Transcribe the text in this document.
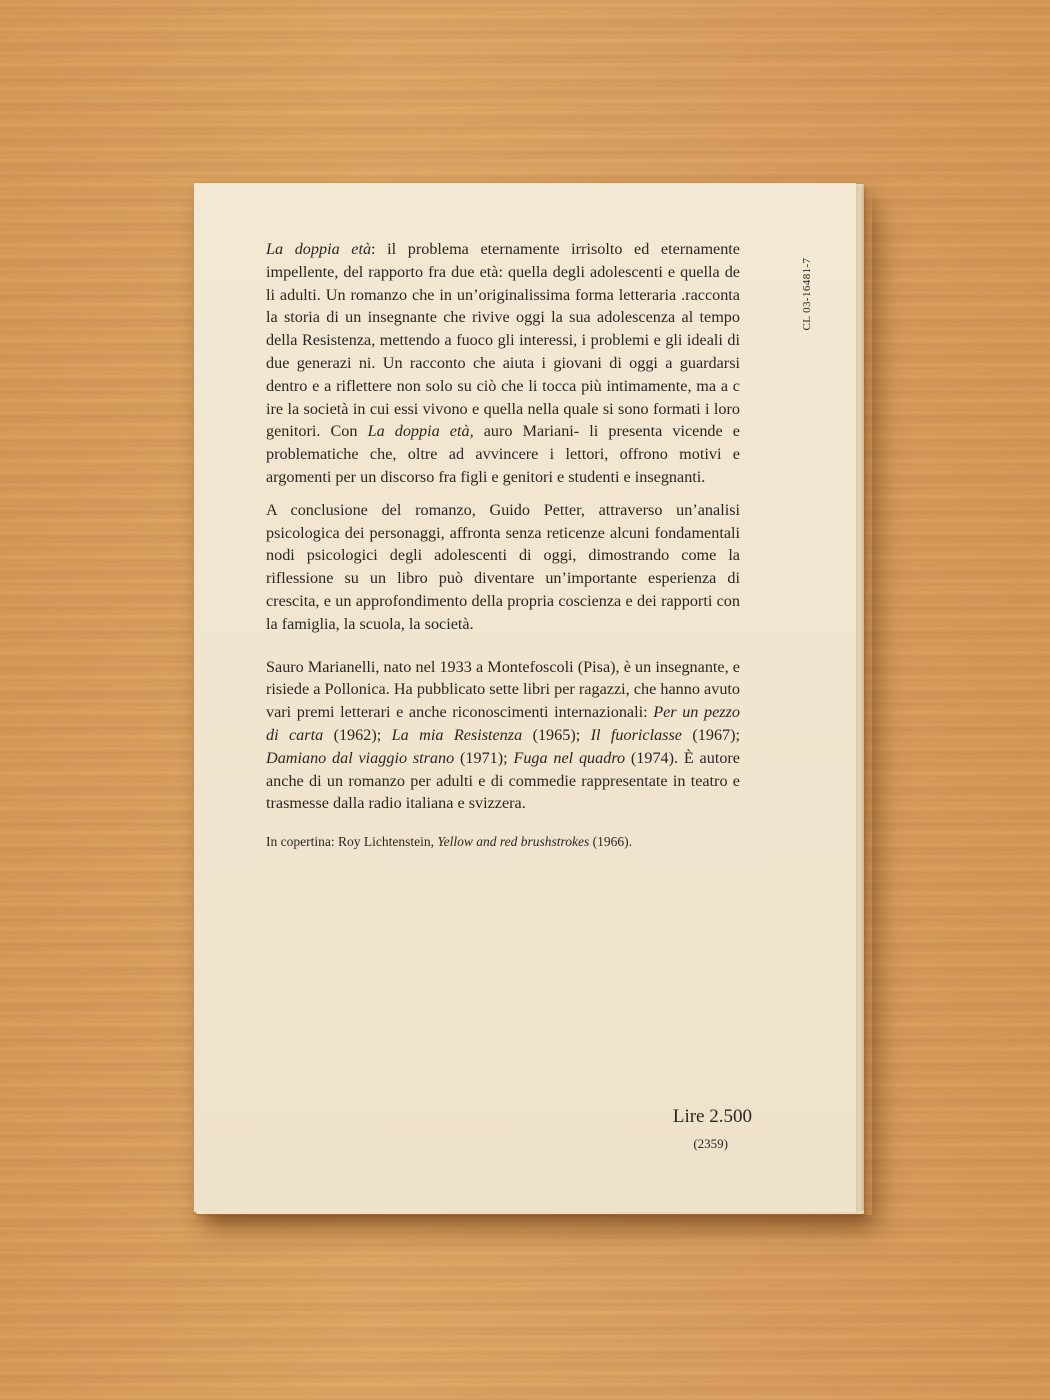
CL 03-16481-7

La doppia età: il problema eternamente irrisolto ed eternamente impellente, del rapporto fra due età: quella degli adolescenti e quella de li adulti. Un romanzo che in un’originalissima forma letteraria .racconta la storia di un insegnante che rivive oggi la sua adolescenza al tempo della Resistenza, mettendo a fuoco gli interessi, i problemi e gli ideali di due generazi ni. Un racconto che aiuta i giovani di oggi a guardarsi dentro e a riflettere non solo su ciò che li tocca più intimamente, ma a c ire la società in cui essi vivono e quella nella quale si sono formati i loro genitori. Con La doppia età, auro Mariani- li presenta vicende e problematiche che, oltre ad avvincere i lettori, offrono motivi e argomenti per un discorso fra figli e genitori e studenti e insegnanti.

A conclusione del romanzo, Guido Petter, attraverso un’analisi psicologica dei personaggi, affronta senza reticenze alcuni fondamentali nodi psicologici degli adolescenti di oggi, dimostrando come la riflessione su un libro può diventare un’importante esperienza di crescita, e un approfondimento della propria coscienza e dei rapporti con la famiglia, la scuola, la società.

Sauro Marianelli, nato nel 1933 a Montefoscoli (Pisa), è un insegnante, e risiede a Pollonica. Ha pubblicato sette libri per ragazzi, che hanno avuto vari premi letterari e anche riconoscimenti internazionali: Per un pezzo di carta (1962); La mia Resistenza (1965); Il fuoriclasse (1967); Damiano dal viaggio strano (1971); Fuga nel quadro (1974). È autore anche di un romanzo per adulti e di commedie rappresentate in teatro e trasmesse dalla radio italiana e svizzera.

In copertina: Roy Lichtenstein, Yellow and red brushstrokes (1966).

Lire 2.500
(2359)
